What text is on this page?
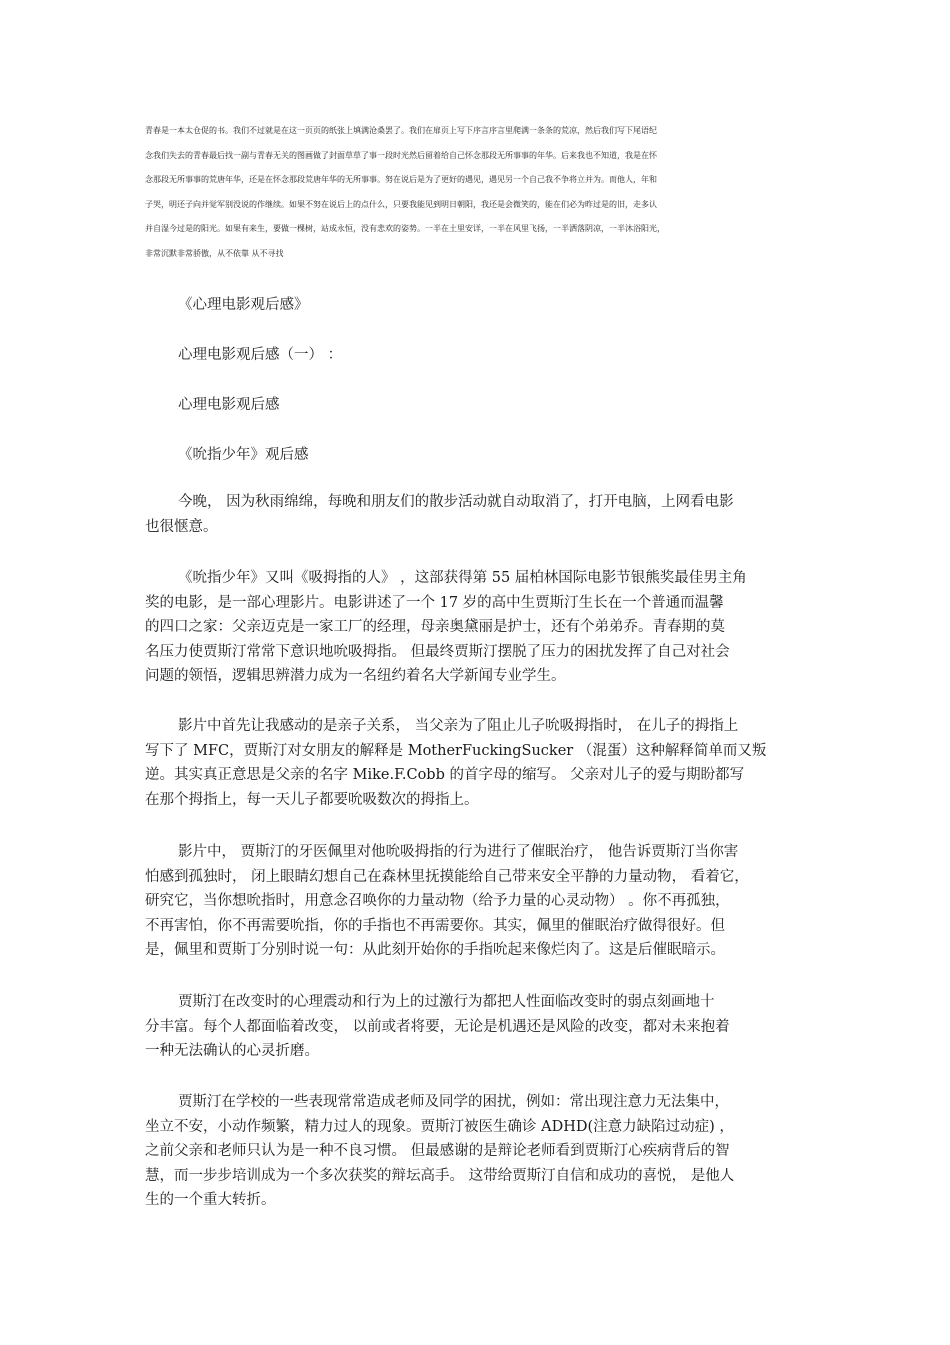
青春是一本太仓促的书。我们不过就是在这一页页的纸张上填满沧桑罢了。我们在扉页上写下序言序言里爬满一条条的荒凉，然后我们写下尾语纪
念我们失去的青春最后找一副与青春无关的图画做了封面草草了事一段时光然后留着给自己怀念那段无所事事的年华。后来我也不知道，我是在怀
念那段无所事事的荒唐年华，还是在怀念那段荒唐年华的无所事事。努在说后是为了更好的遇见，遇见另一个自己我不争将立并为。而他人，年和
子哭，明还子向并觉军别没说的作继续。如果不努在说后上的点什么，只要我能见到明日朝阳，我还是会微笑的，能在们必为昨过是的旧，走多认
并自湿今过是的阳光。如果有来生，要做一棵树，站成永恒，没有悲欢的姿势。一半在土里安详，一半在风里飞扬，一半洒落阴凉，一半沐浴阳光，
非常沉默非常骄傲，从不依靠 从不寻找
《心理电影观后感》
心理电影观后感（一） ：
心理电影观后感
《吮指少年》观后感
今晚， 因为秋雨绵绵，每晚和朋友们的散步活动就自动取消了，打开电脑，上网看电影
也很惬意。
《吮指少年》又叫《吸拇指的人》 ，这部获得第 55 届柏林国际电影节银熊奖最佳男主角
奖的电影，是一部心理影片。电影讲述了一个 17 岁的高中生贾斯汀生长在一个普通而温馨
的四口之家：父亲迈克是一家工厂的经理，母亲奥黛丽是护士，还有个弟弟乔。青春期的莫
名压力使贾斯汀常常下意识地吮吸拇指。 但最终贾斯汀摆脱了压力的困扰发挥了自己对社会
问题的领悟，逻辑思辨潜力成为一名纽约着名大学新闻专业学生。
影片中首先让我感动的是亲子关系， 当父亲为了阻止儿子吮吸拇指时， 在儿子的拇指上
写下了 MFC，贾斯汀对女朋友的解释是 MotherFuckingSucker （混蛋）这种解释简单而又叛
逆。其实真正意思是父亲的名字 Mike.F.Cobb 的首字母的缩写。 父亲对儿子的爱与期盼都写
在那个拇指上，每一天儿子都要吮吸数次的拇指上。
影片中， 贾斯汀的牙医佩里对他吮吸拇指的行为进行了催眠治疗， 他告诉贾斯汀当你害
怕感到孤独时， 闭上眼睛幻想自己在森林里抚摸能给自己带来安全平静的力量动物， 看着它，
研究它，当你想吮指时，用意念召唤你的力量动物（给予力量的心灵动物） 。你不再孤独，
不再害怕，你不再需要吮指，你的手指也不再需要你。其实，佩里的催眠治疗做得很好。但
是，佩里和贾斯丁分别时说一句：从此刻开始你的手指吮起来像烂肉了。这是后催眠暗示。
贾斯汀在改变时的心理震动和行为上的过激行为都把人性面临改变时的弱点刻画地十
分丰富。每个人都面临着改变， 以前或者将要，无论是机遇还是风险的改变，都对未来抱着
一种无法确认的心灵折磨。
贾斯汀在学校的一些表现常常造成老师及同学的困扰，例如：常出现注意力无法集中，
坐立不安，小动作频繁，精力过人的现象。贾斯汀被医生确诊 ADHD(注意力缺陷过动症) ，
之前父亲和老师只认为是一种不良习惯。 但最感谢的是辩论老师看到贾斯汀心疾病背后的智
慧，而一步步培训成为一个多次获奖的辩坛高手。 这带给贾斯汀自信和成功的喜悦， 是他人
生的一个重大转折。
